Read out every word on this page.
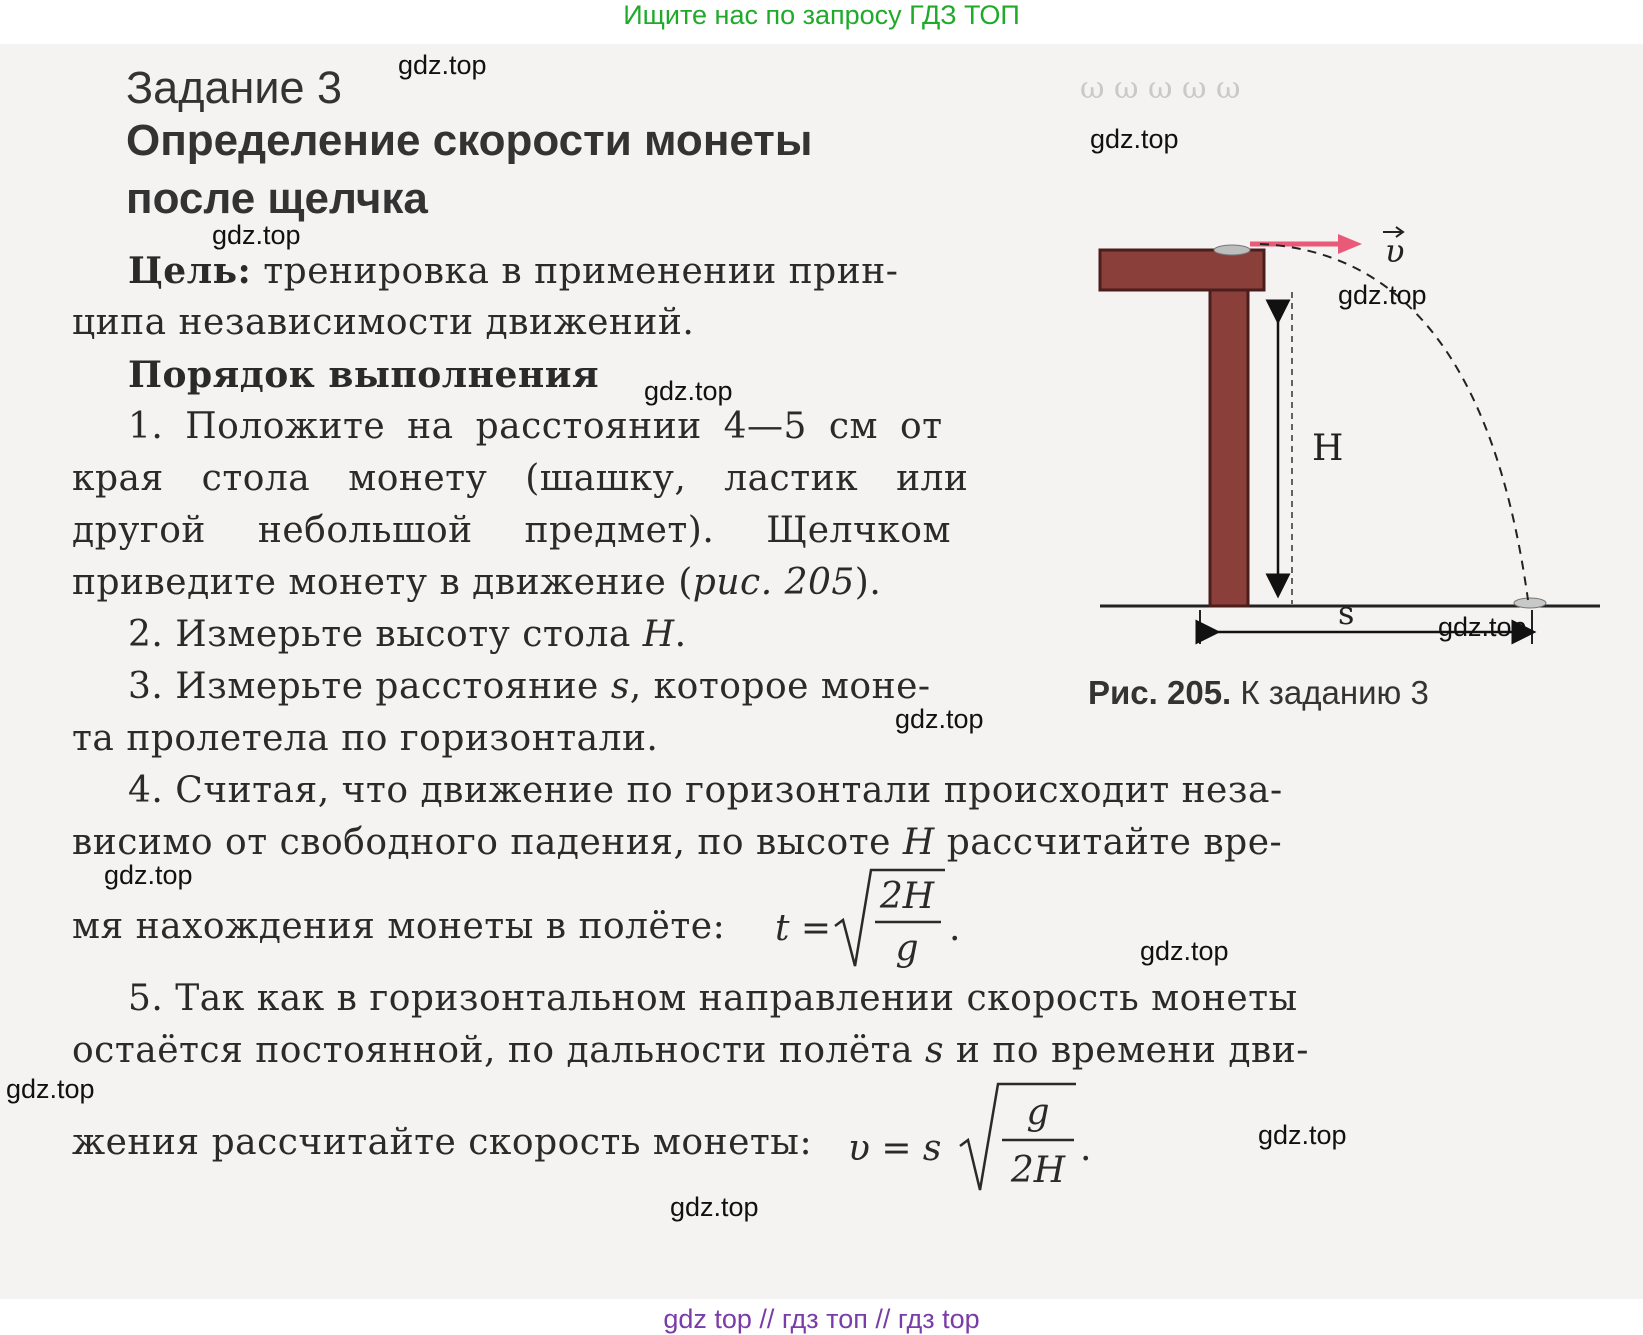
Ищите нас по запросу ГДЗ ТОП
ω ω ω ω ω
Задание 3
Определение скорости монеты
после щелчка
Цель: тренировка в применении прин-
ципа независимости движений.
Порядок выполнения
1. Положите на расстоянии 4—5 см от
края стола монету (шашку, ластик или
другой небольшой предмет). Щелчком
приведите монету в движение (рис. 205).
2. Измерьте высоту стола H.
3. Измерьте расстояние s, которое моне-
та пролетела по горизонтали.
4. Считая, что движение по горизонтали происходит неза-
висимо от свободного падения, по высоте H рассчитайте вре-
мя нахождения монеты в полёте: t =
2H
g .
5. Так как в горизонтальном направлении скорость монеты
остаётся постоянной, по дальности полёта s и по времени дви-
жения рассчитайте скорость монеты: υ = s
g
2H
.
υ
H
s
Рис. 205. К заданию 3
gdz.top
gdz.top
gdz.top
gdz.top
gdz.top
gdz.top
gdz.top
gdz.top
gdz.top
gdz.top
gdz.top
gdz.top
gdz top // гдз топ // гдз top
